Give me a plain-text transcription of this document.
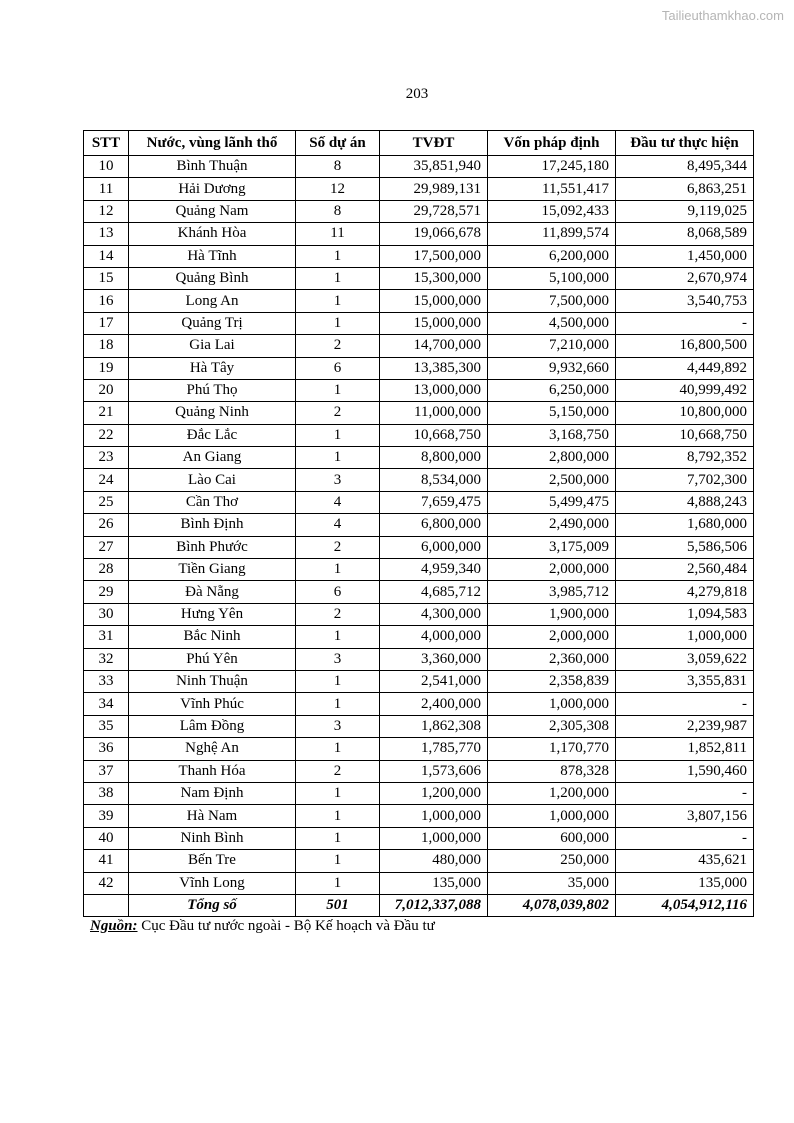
Tailieuthamkhao.com
203
STT	Nước, vùng lãnh thổ	Số dự án	TVĐT	Vốn pháp định	Đầu tư thực hiện
10	Bình Thuận	8	35,851,940	17,245,180	8,495,344
11	Hải Dương	12	29,989,131	11,551,417	6,863,251
12	Quảng Nam	8	29,728,571	15,092,433	9,119,025
13	Khánh Hòa	11	19,066,678	11,899,574	8,068,589
14	Hà Tĩnh	1	17,500,000	6,200,000	1,450,000
15	Quảng Bình	1	15,300,000	5,100,000	2,670,974
16	Long An	1	15,000,000	7,500,000	3,540,753
17	Quảng Trị	1	15,000,000	4,500,000	-
18	Gia Lai	2	14,700,000	7,210,000	16,800,500
19	Hà Tây	6	13,385,300	9,932,660	4,449,892
20	Phú Thọ	1	13,000,000	6,250,000	40,999,492
21	Quảng Ninh	2	11,000,000	5,150,000	10,800,000
22	Đắc Lắc	1	10,668,750	3,168,750	10,668,750
23	An Giang	1	8,800,000	2,800,000	8,792,352
24	Lào Cai	3	8,534,000	2,500,000	7,702,300
25	Cần Thơ	4	7,659,475	5,499,475	4,888,243
26	Bình Định	4	6,800,000	2,490,000	1,680,000
27	Bình Phước	2	6,000,000	3,175,009	5,586,506
28	Tiền Giang	1	4,959,340	2,000,000	2,560,484
29	Đà Nẵng	6	4,685,712	3,985,712	4,279,818
30	Hưng Yên	2	4,300,000	1,900,000	1,094,583
31	Bắc Ninh	1	4,000,000	2,000,000	1,000,000
32	Phú Yên	3	3,360,000	2,360,000	3,059,622
33	Ninh Thuận	1	2,541,000	2,358,839	3,355,831
34	Vĩnh Phúc	1	2,400,000	1,000,000	-
35	Lâm Đồng	3	1,862,308	2,305,308	2,239,987
36	Nghệ An	1	1,785,770	1,170,770	1,852,811
37	Thanh Hóa	2	1,573,606	878,328	1,590,460
38	Nam Định	1	1,200,000	1,200,000	-
39	Hà Nam	1	1,000,000	1,000,000	3,807,156
40	Ninh Bình	1	1,000,000	600,000	-
41	Bến Tre	1	480,000	250,000	435,621
42	Vĩnh Long	1	135,000	35,000	135,000
	Tổng số	501	7,012,337,088	4,078,039,802	4,054,912,116
Nguồn: Cục Đầu tư nước ngoài - Bộ Kế hoạch và Đầu tư
